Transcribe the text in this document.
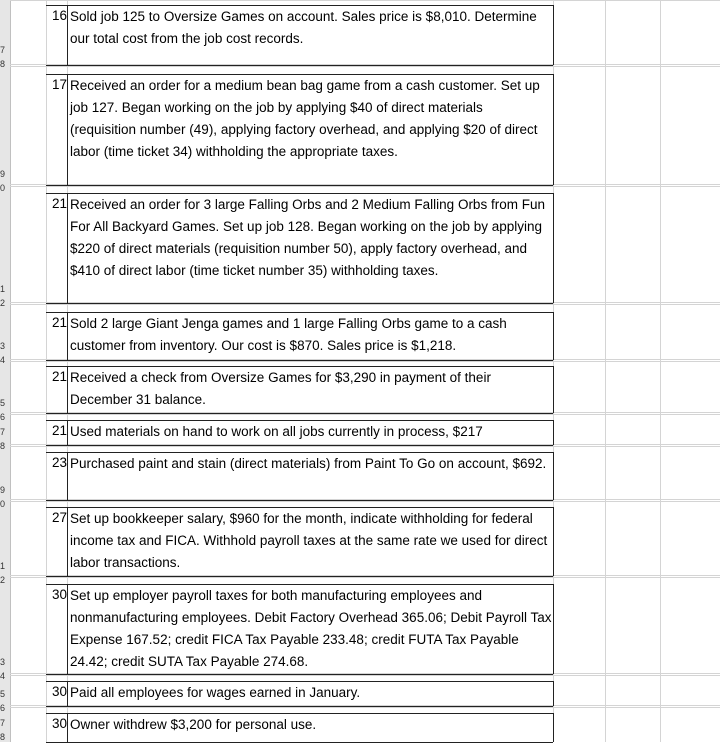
7
8
9
0
1
2
3
4
5
6
7
8
9
0
1
2
3
4
5
6
7
8
16 Sold job 125 to Oversize Games on account. Sales price is $8,010. Determine our total cost from the job cost records.
17 Received an order for a medium bean bag game from a cash customer. Set up job 127. Began working on the job by applying $40 of direct materials (requisition number (49), applying factory overhead, and applying $20 of direct labor (time ticket 34) withholding the appropriate taxes.
21 Received an order for 3 large Falling Orbs and 2 Medium Falling Orbs from Fun For All Backyard Games. Set up job 128. Began working on the job by applying $220 of direct materials (requisition number 50), apply factory overhead, and $410 of direct labor (time ticket number 35) withholding taxes.
21 Sold 2 large Giant Jenga games and 1 large Falling Orbs game to a cash customer from inventory. Our cost is $870. Sales price is $1,218.
21 Received a check from Oversize Games for $3,290 in payment of their December 31 balance.
21 Used materials on hand to work on all jobs currently in process, $217
23 Purchased paint and stain (direct materials) from Paint To Go on account, $692.
27 Set up bookkeeper salary, $960 for the month, indicate withholding for federal income tax and FICA. Withhold payroll taxes at the same rate we used for direct labor transactions.
30 Set up employer payroll taxes for both manufacturing employees and nonmanufacturing employees. Debit Factory Overhead 365.06; Debit Payroll Tax Expense 167.52; credit FICA Tax Payable 233.48; credit FUTA Tax Payable 24.42; credit SUTA Tax Payable 274.68.
30 Paid all employees for wages earned in January.
30 Owner withdrew $3,200 for personal use.
